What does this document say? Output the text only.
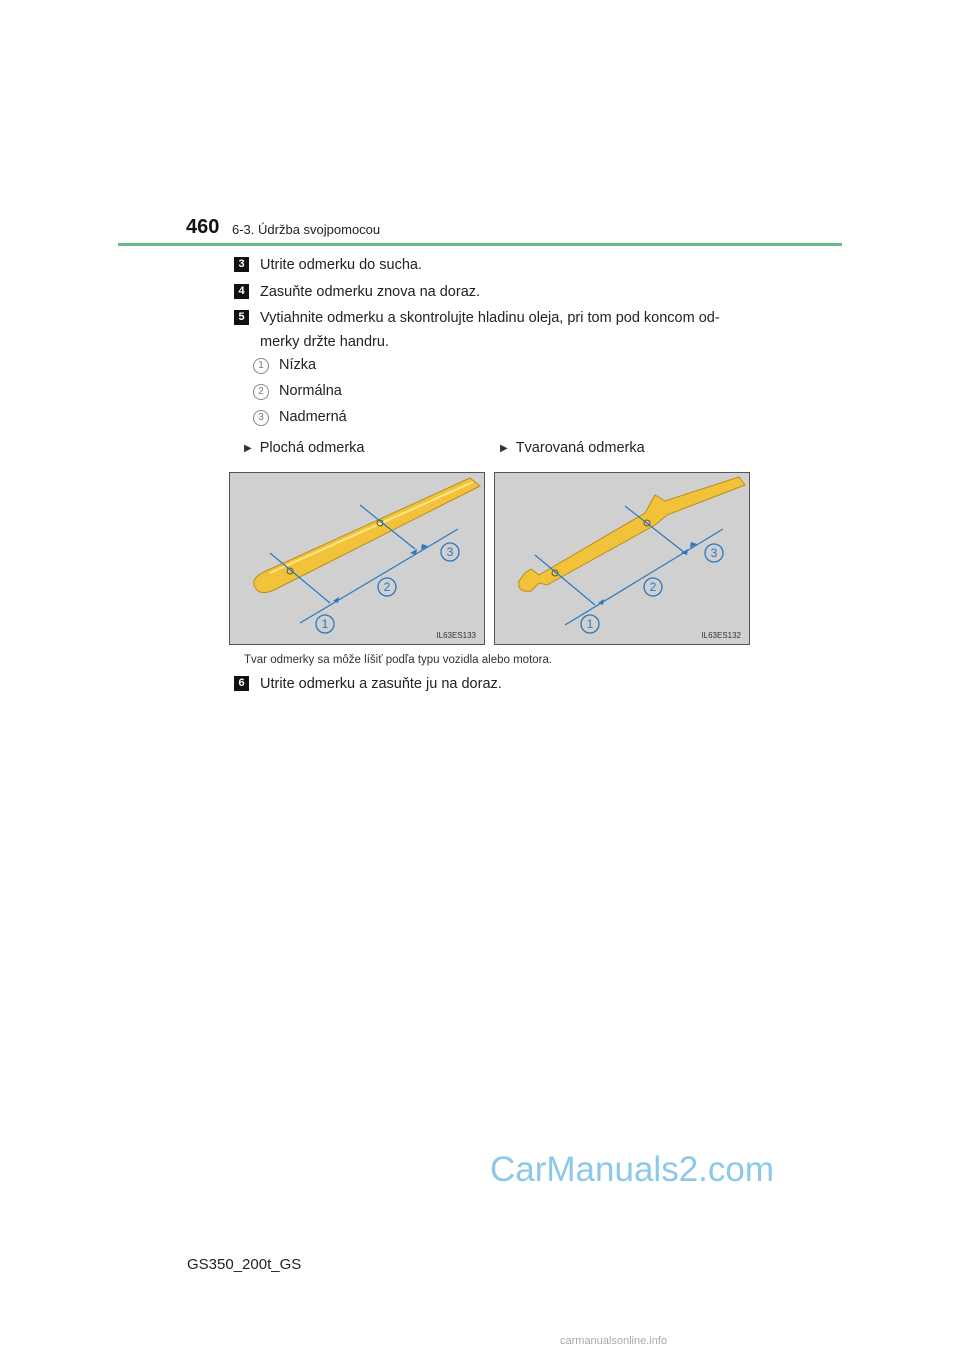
460 6-3. Údržba svojpomocou
3	Utrite odmerku do sucha.
4	Zasuňte odmerku znova na doraz.
5	Vytiahnite odmerku a skontrolujte hladinu oleja, pri tom pod koncom od-merky držte handru.
1	Nízka
2	Normálna
3	Nadmerná
▶ Plochá odmerka	▶ Tvarovaná odmerka
3
2
1
IL63ES133
3
2
1
IL63ES132
Tvar odmerky sa môže líšiť podľa typu vozidla alebo motora.
6	Utrite odmerku a zasuňte ju na doraz.
CarManuals2.com
GS350_200t_GS
carmanualsonline.info
